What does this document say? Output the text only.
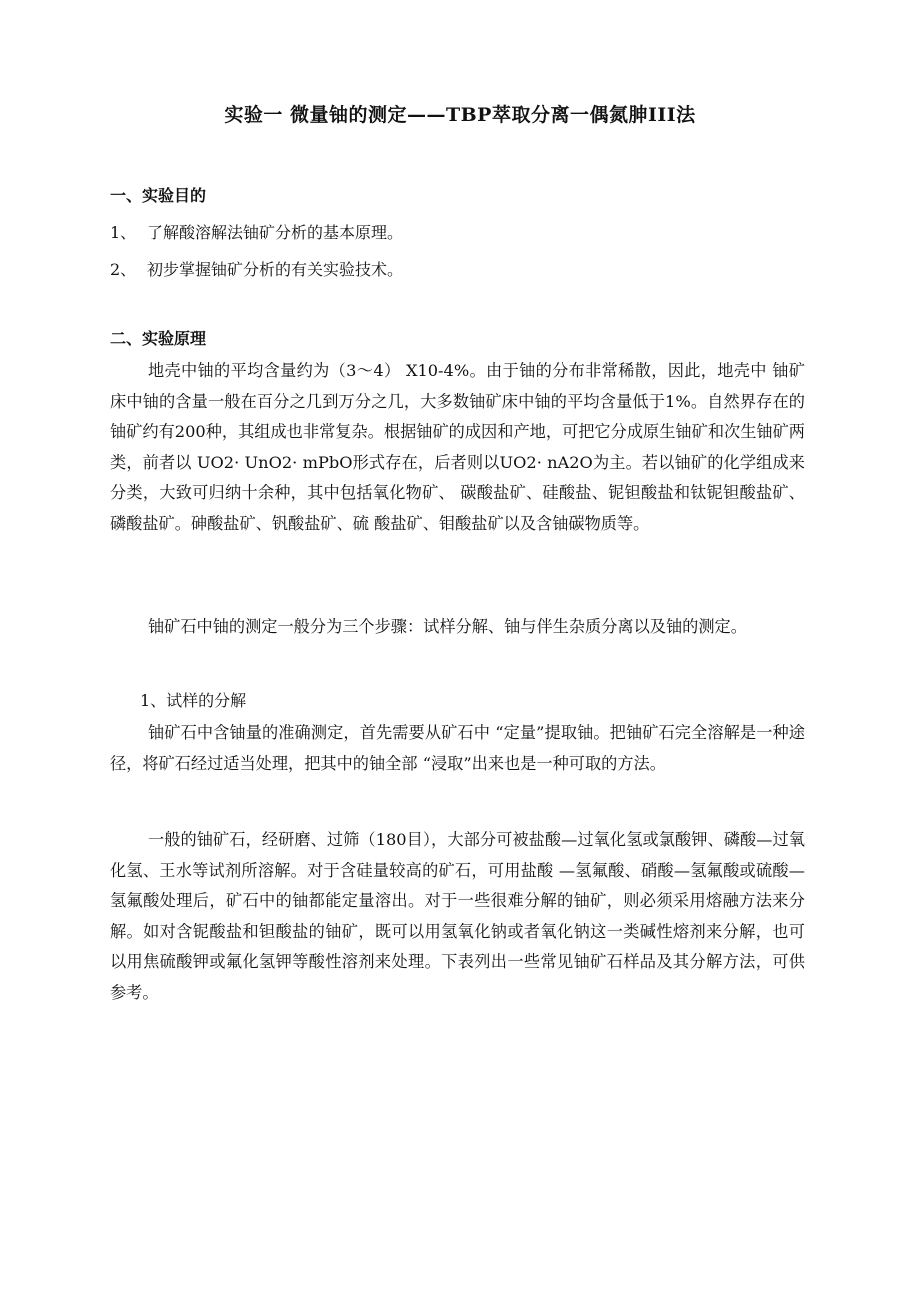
实验一 微量铀的测定——TBP萃取分离一偶氮胂III法
一、实验目的
1、 了解酸溶解法铀矿分析的基本原理。
2、 初步掌握铀矿分析的有关实验技术。
二、实验原理
地壳中铀的平均含量约为（3〜4） X10-4%。由于铀的分布非常稀散，因此，地壳中 铀矿床中铀的含量一般在百分之几到万分之几，大多数铀矿床中铀的平均含量低于1%。自然界存在的铀矿约有200种，其组成也非常复杂。根据铀矿的成因和产地，可把它分成原生铀矿和次生铀矿两类，前者以 UO2· UnO2· mPbO形式存在，后者则以UO2· nA2O为主。若以铀矿的化学组成来分类，大致可归纳十余种，其中包括氧化物矿、 碳酸盐矿、硅酸盐、铌钽酸盐和钛铌钽酸盐矿、磷酸盐矿。砷酸盐矿、钒酸盐矿、硫 酸盐矿、钼酸盐矿以及含铀碳物质等。
铀矿石中铀的测定一般分为三个步骤：试样分解、铀与伴生杂质分离以及铀的测定。
1、试样的分解
铀矿石中含铀量的准确测定，首先需要从矿石中 “定量”提取铀。把铀矿石完全溶解是一种途径，将矿石经过适当处理，把其中的铀全部 “浸取”出来也是一种可取的方法。
一般的铀矿石，经研磨、过筛（180目），大部分可被盐酸—过氧化氢或氯酸钾、磷酸—过氧化氢、王水等试剂所溶解。对于含硅量较高的矿石，可用盐酸 —氢氟酸、硝酸—氢氟酸或硫酸—氢氟酸处理后，矿石中的铀都能定量溶出。对于一些很难分解的铀矿，则必须采用熔融方法来分解。如对含铌酸盐和钽酸盐的铀矿，既可以用氢氧化钠或者氧化钠这一类碱性熔剂来分解，也可以用焦硫酸钾或氟化氢钾等酸性溶剂来处理。下表列出一些常见铀矿石样品及其分解方法，可供参考。
